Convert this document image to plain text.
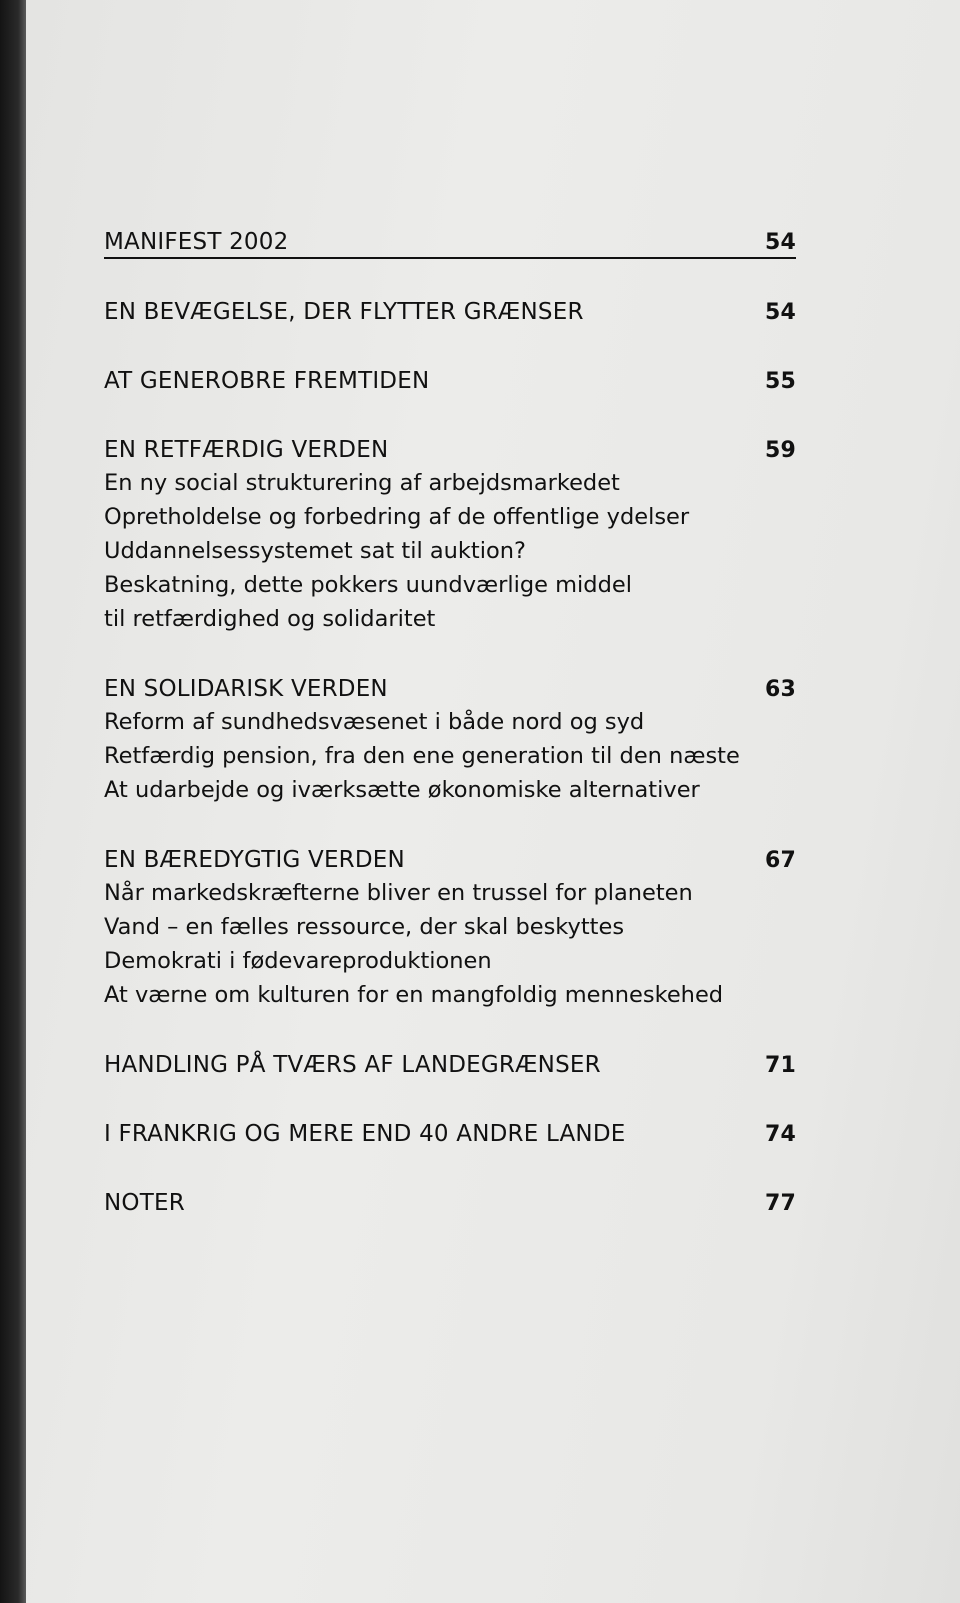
MANIFEST 2002	54
EN BEVÆGELSE, DER FLYTTER GRÆNSER	54
AT GENEROBRE FREMTIDEN	55
EN RETFÆRDIG VERDEN	59
En ny social strukturering af arbejdsmarkedet
Opretholdelse og forbedring af de offentlige ydelser
Uddannelsessystemet sat til auktion?
Beskatning, dette pokkers uundværlige middel
til retfærdighed og solidaritet
EN SOLIDARISK VERDEN	63
Reform af sundhedsvæsenet i både nord og syd
Retfærdig pension, fra den ene generation til den næste
At udarbejde og iværksætte økonomiske alternativer
EN BÆREDYGTIG VERDEN	67
Når markedskræfterne bliver en trussel for planeten
Vand – en fælles ressource, der skal beskyttes
Demokrati i fødevareproduktionen
At værne om kulturen for en mangfoldig menneskehed
HANDLING PÅ TVÆRS AF LANDEGRÆNSER	71
I FRANKRIG OG MERE END 40 ANDRE LANDE	74
NOTER	77
